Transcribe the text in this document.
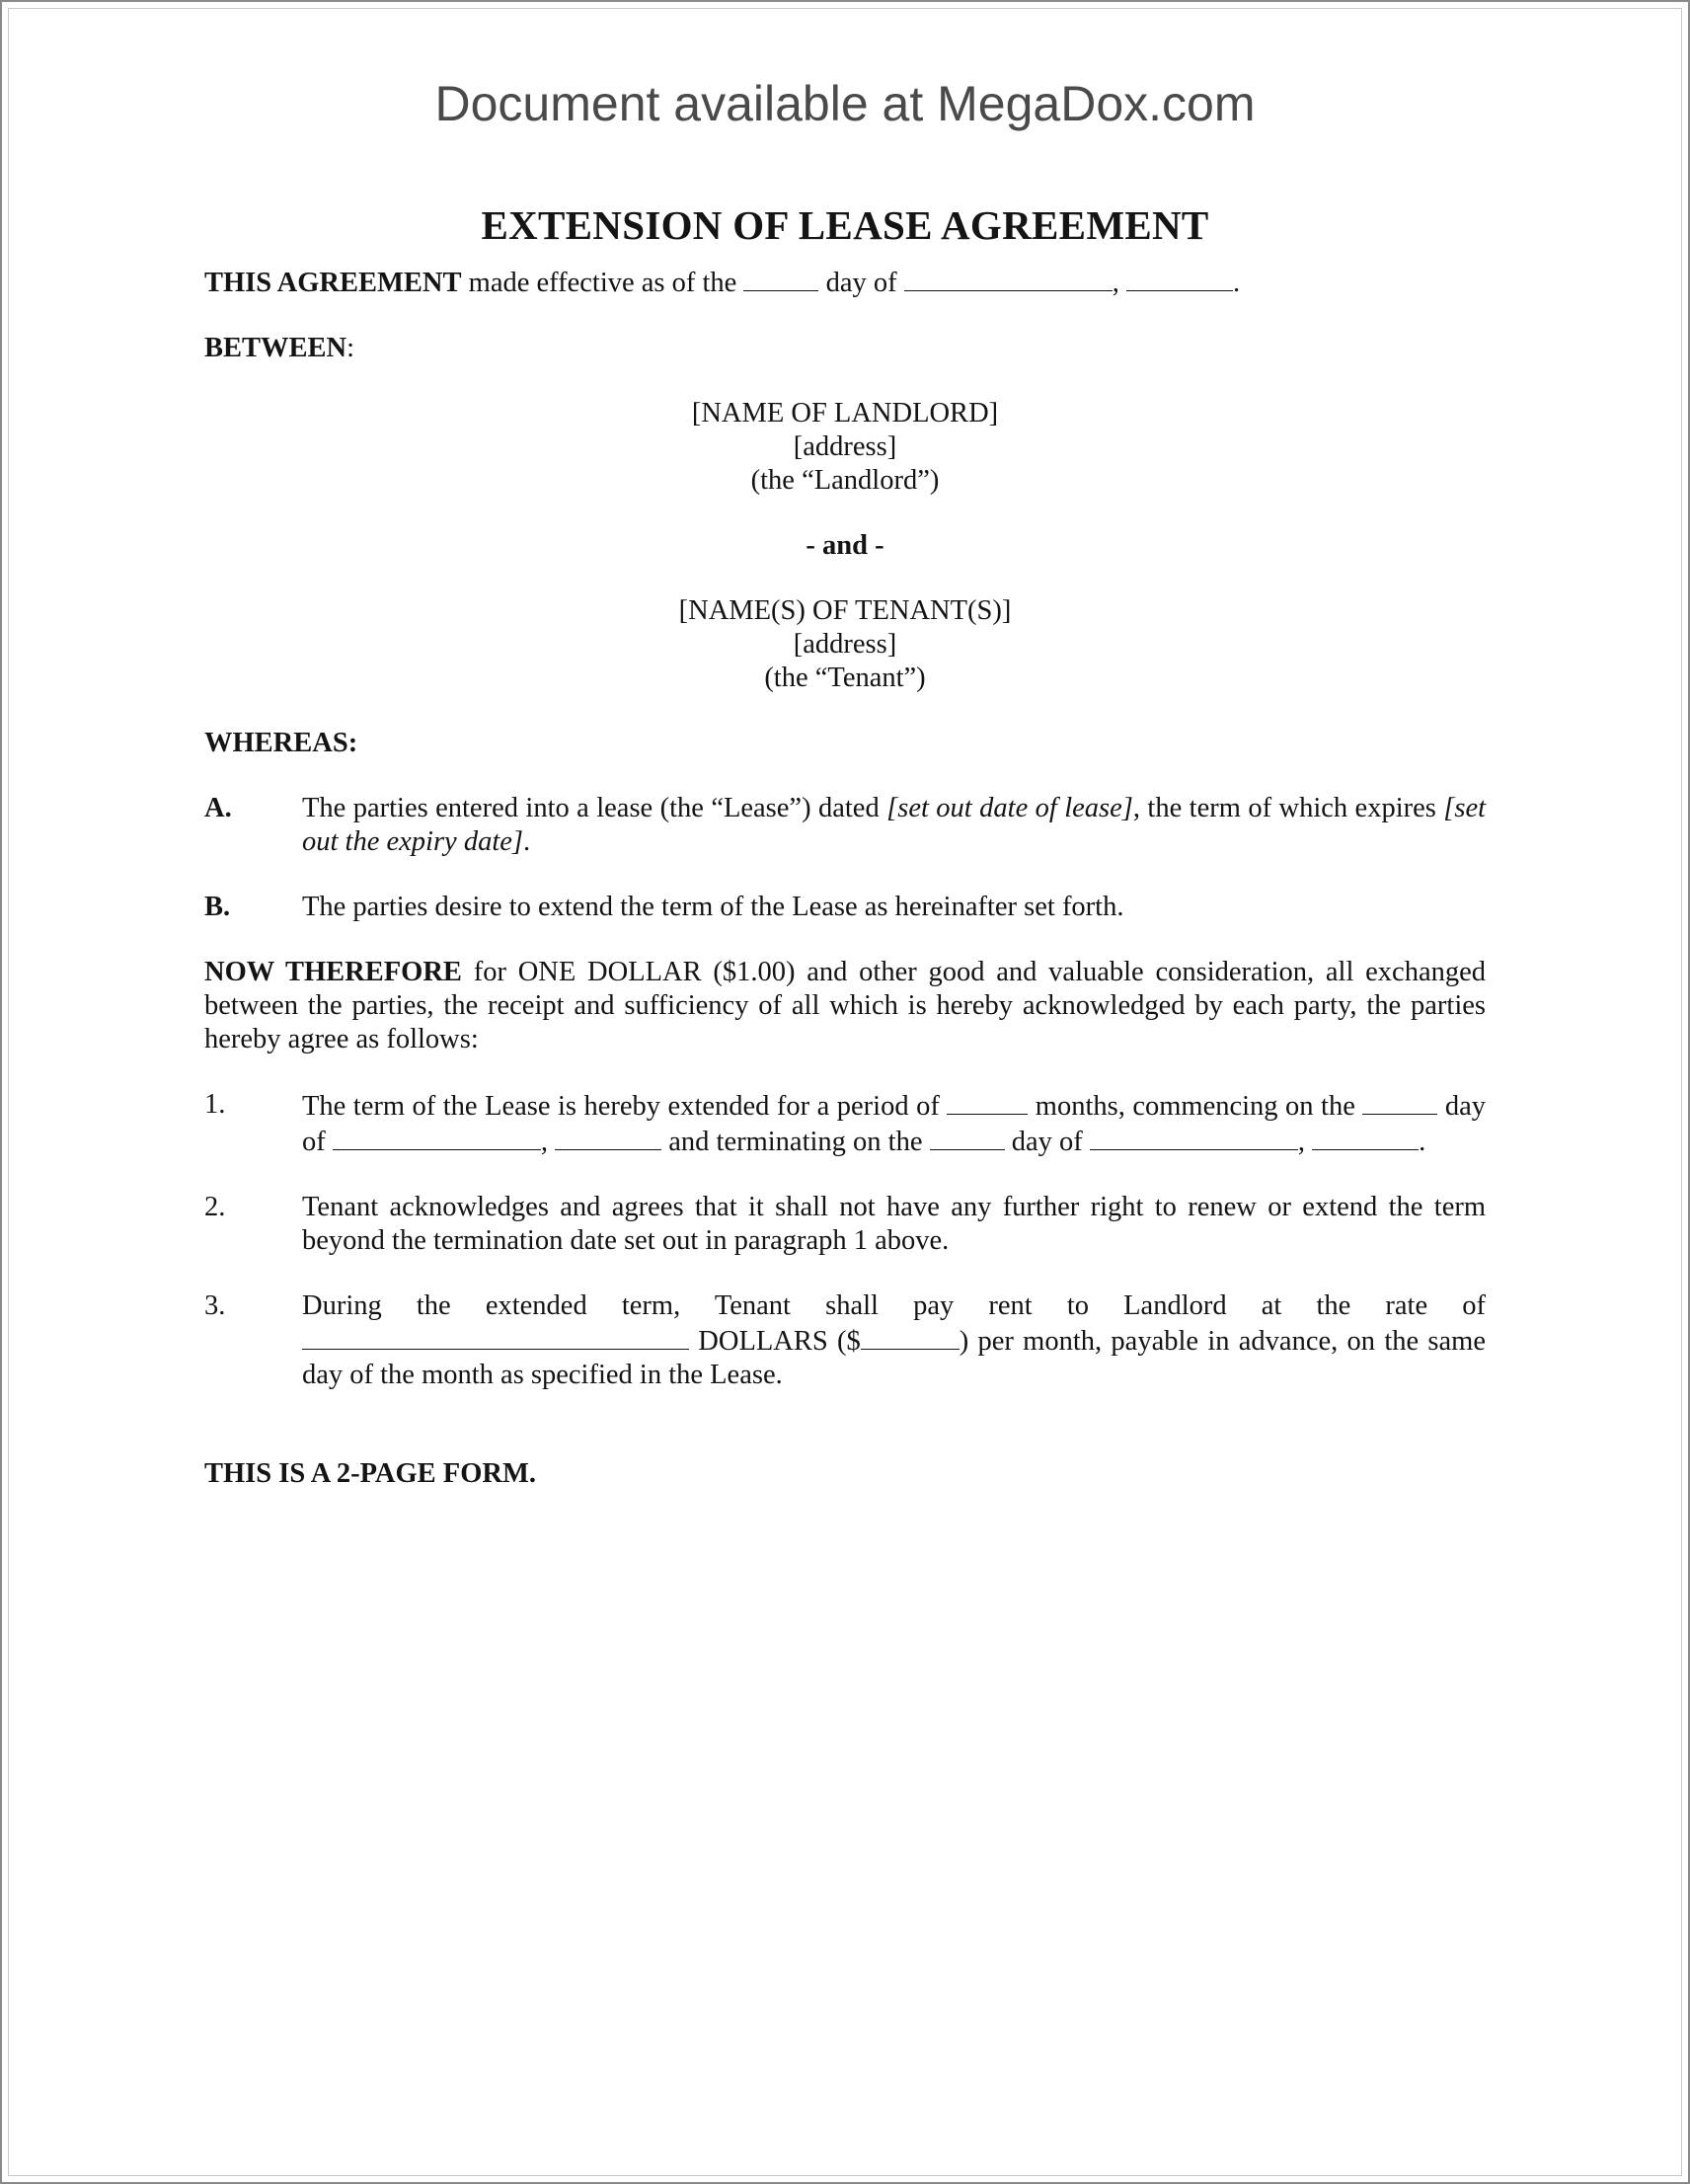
Document available at MegaDox.com
EXTENSION OF LEASE AGREEMENT

THIS AGREEMENT made effective as of the	day of	,	.

BETWEEN:

[NAME OF LANDLORD]
[address]
(the “Landlord”)
- and -
[NAME(S) OF TENANT(S)]
[address]
(the “Tenant”)

WHEREAS:

A.	The parties entered into a lease (the “Lease”) dated [set out date of lease], the term of which expires [set out the expiry date].
B.	The parties desire to extend the term of the Lease as hereinafter set forth.

NOW THEREFORE for ONE DOLLAR ($1.00) and other good and valuable consideration, all exchanged between the parties, the receipt and sufficiency of all which is hereby acknowledged by each party, the parties hereby agree as follows:

1.	The term of the Lease is hereby extended for a period of	months, commencing on the	day of	,	and terminating on the	day of	,	.
2.	Tenant acknowledges and agrees that it shall not have any further right to renew or extend the term beyond the termination date set out in paragraph 1 above.
3.	During the extended term, Tenant shall pay rent to Landlord at the rate of  DOLLARS ($	) per month, payable in advance, on the same day of the month as specified in the Lease.

THIS IS A 2-PAGE FORM.
